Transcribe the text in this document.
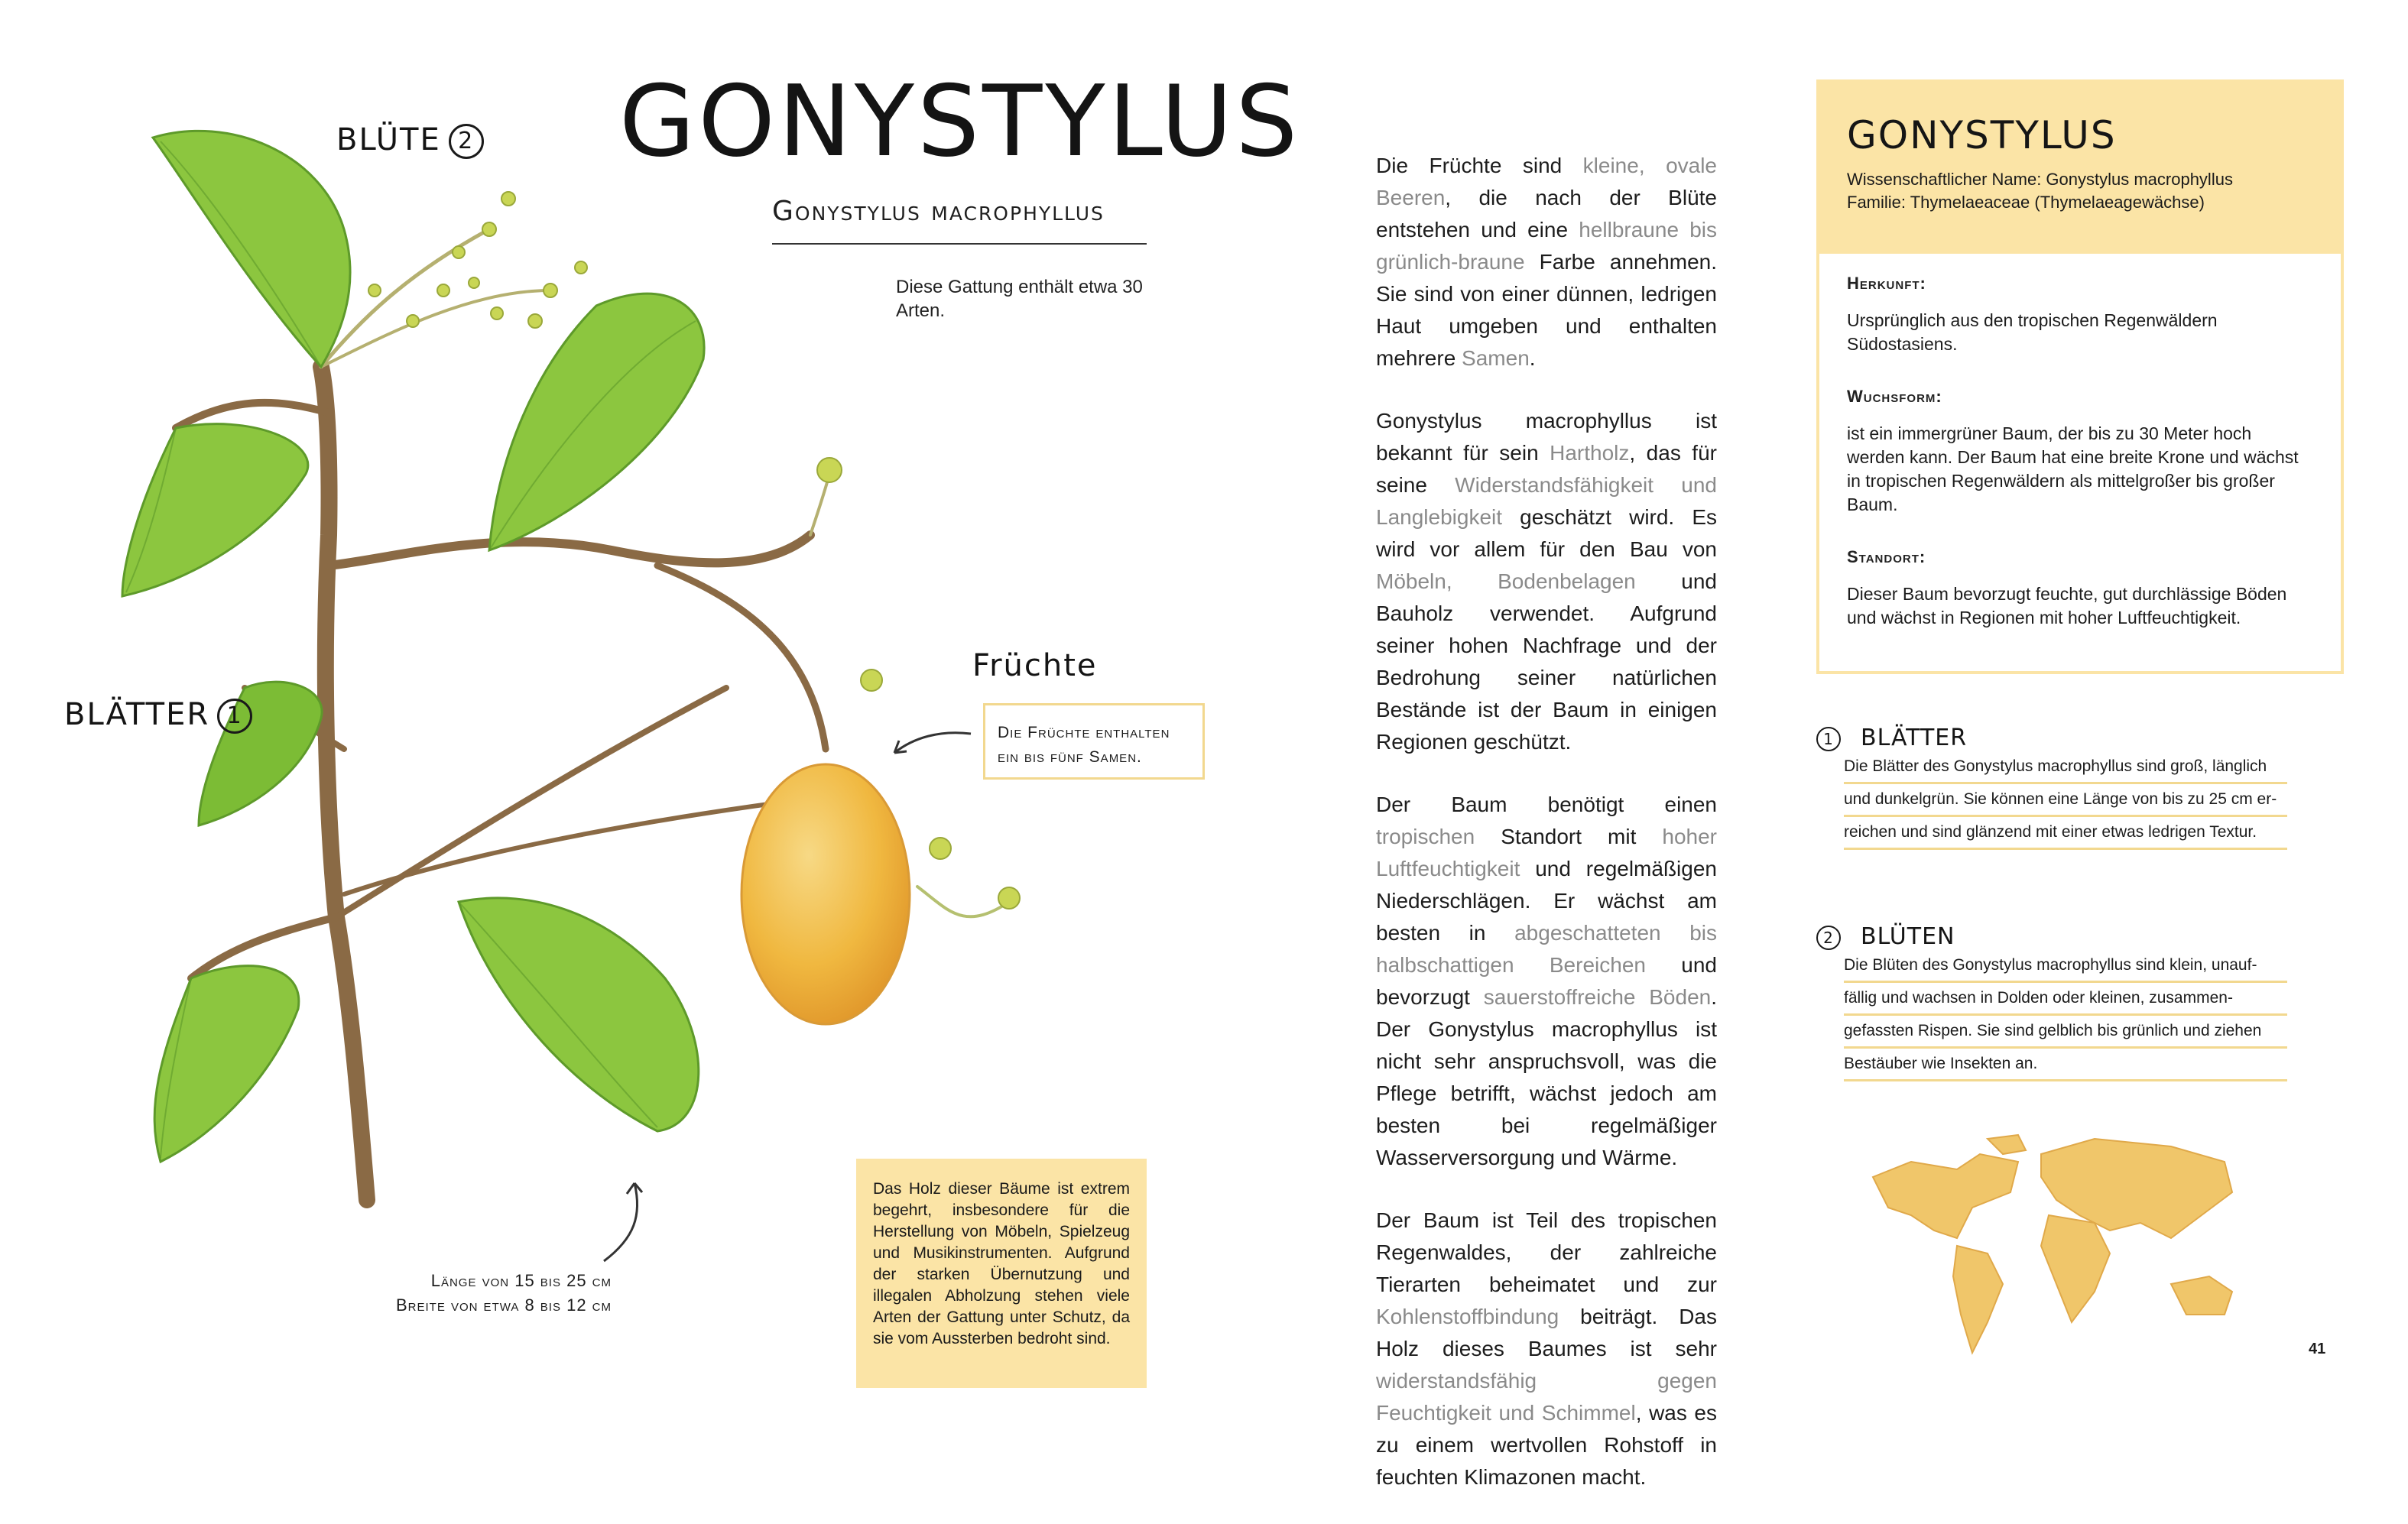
GONYSTYLUS
Gonystylus macrophyllus
Diese Gattung enthält etwa 30 Arten.
BLÜTE 2
BLÄTTER 1
Früchte
Die Früchte enthalten ein bis fünf Samen.
Länge von 15 bis 25 cm
Breite von etwa 8 bis 12 cm
Das Holz dieser Bäume ist extrem begehrt, insbesondere für die Herstellung von Möbeln, Spielzeug und Musikinstrumenten. Aufgrund der starken Übernutzung und illegalen Abholzung stehen viele Arten der Gattung unter Schutz, da sie vom Aussterben bedroht sind.

Die Früchte sind kleine, ovale Beeren, die nach der Blüte entstehen und eine hellbraune bis grünlich-braune Farbe annehmen. Sie sind von einer dünnen, ledrigen Haut umgeben und enthalten mehrere Samen.

Gonystylus macrophyllus ist bekannt für sein Hartholz, das für seine Widerstandsfähigkeit und Langlebigkeit geschätzt wird. Es wird vor allem für den Bau von Möbeln, Bodenbelagen und Bauholz verwendet. Aufgrund seiner hohen Nachfrage und der Bedrohung seiner natürlichen Bestände ist der Baum in einigen Regionen geschützt.

Der Baum benötigt einen tropischen Standort mit hoher Luftfeuchtigkeit und regelmäßigen Niederschlägen. Er wächst am besten in abgeschatteten bis halbschattigen Bereichen und bevorzugt sauerstoffreiche Böden. Der Gonystylus macrophyllus ist nicht sehr anspruchsvoll, was die Pflege betrifft, wächst jedoch am besten bei regelmäßiger Wasserversorgung und Wärme.

Der Baum ist Teil des tropischen Regenwaldes, der zahlreiche Tierarten beheimatet und zur Kohlenstoffbindung beiträgt. Das Holz dieses Baumes ist sehr widerstandsfähig gegen Feuchtigkeit und Schimmel, was es zu einem wertvollen Rohstoff in feuchten Klimazonen macht.

GONYSTYLUS
Wissenschaftlicher Name: Gonystylus macrophyllus
Familie: Thymelaeaceae (Thymelaeagewächse)
Herkunft:
Ursprünglich aus den tropischen Regenwäldern Südostasiens.
Wuchsform:
ist ein immergrüner Baum, der bis zu 30 Meter hoch werden kann. Der Baum hat eine breite Krone und wächst in tropischen Regenwäldern als mittelgroßer bis großer Baum.
Standort:
Dieser Baum bevorzugt feuchte, gut durchlässige Böden und wächst in Regionen mit hoher Luftfeuchtigkeit.
1 BLÄTTER
Die Blätter des Gonystylus macrophyllus sind groß, länglich
und dunkelgrün. Sie können eine Länge von bis zu 25 cm er-
reichen und sind glänzend mit einer etwas ledrigen Textur.
2 BLÜTEN
Die Blüten des Gonystylus macrophyllus sind klein, unauf-
fällig und wachsen in Dolden oder kleinen, zusammen-
gefassten Rispen. Sie sind gelblich bis grünlich und ziehen
Bestäuber wie Insekten an.
41
